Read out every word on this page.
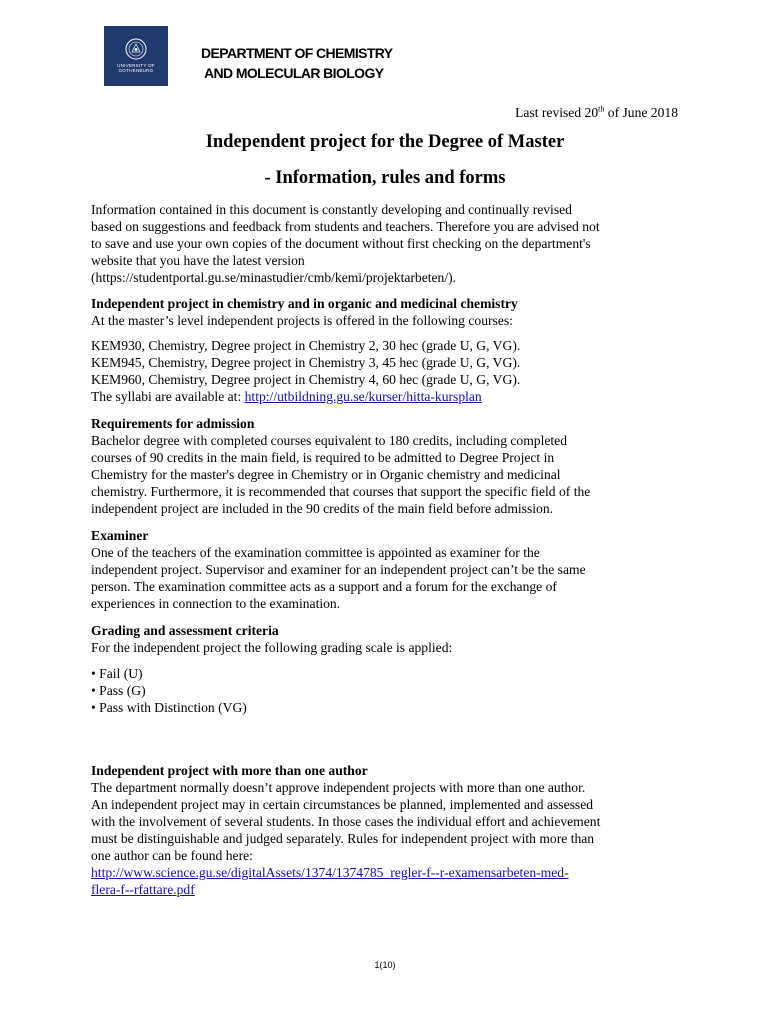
UNIVERSITY OF
GOTHENBURG
DEPARTMENT OF CHEMISTRY
AND MOLECULAR BIOLOGY
Last revised 20th of June 2018
Independent project for the Degree of Master
- Information, rules and forms

Information contained in this document is constantly developing and continually revised

based on suggestions and feedback from students and teachers. Therefore you are advised not

to save and use your own copies of the document without first checking on the department's

website that you have the latest version

(https://studentportal.gu.se/minastudier/cmb/kemi/projektarbeten/).

Independent project in chemistry and in organic and medicinal chemistry

At the master’s level independent projects is offered in the following courses:

KEM930, Chemistry, Degree project in Chemistry 2, 30 hec (grade U, G, VG).

KEM945, Chemistry, Degree project in Chemistry 3, 45 hec (grade U, G, VG).

KEM960, Chemistry, Degree project in Chemistry 4, 60 hec (grade U, G, VG).

The syllabi are available at: http://utbildning.gu.se/kurser/hitta-kursplan

Requirements for admission

Bachelor degree with completed courses equivalent to 180 credits, including completed

courses of 90 credits in the main field, is required to be admitted to Degree Project in

Chemistry for the master's degree in Chemistry or in Organic chemistry and medicinal

chemistry. Furthermore, it is recommended that courses that support the specific field of the

independent project are included in the 90 credits of the main field before admission.

Examiner

One of the teachers of the examination committee is appointed as examiner for the

independent project. Supervisor and examiner for an independent project can’t be the same

person. The examination committee acts as a support and a forum for the exchange of

experiences in connection to the examination.

Grading and assessment criteria

For the independent project the following grading scale is applied:

• Fail (U)

• Pass (G)

• Pass with Distinction (VG)

Independent project with more than one author

The department normally doesn’t approve independent projects with more than one author.

An independent project may in certain circumstances be planned, implemented and assessed

with the involvement of several students. In those cases the individual effort and achievement

must be distinguishable and judged separately. Rules for independent project with more than

one author can be found here:

http://www.science.gu.se/digitalAssets/1374/1374785_regler-f--r-examensarbeten-med-

flera-f--rfattare.pdf

1(10)
